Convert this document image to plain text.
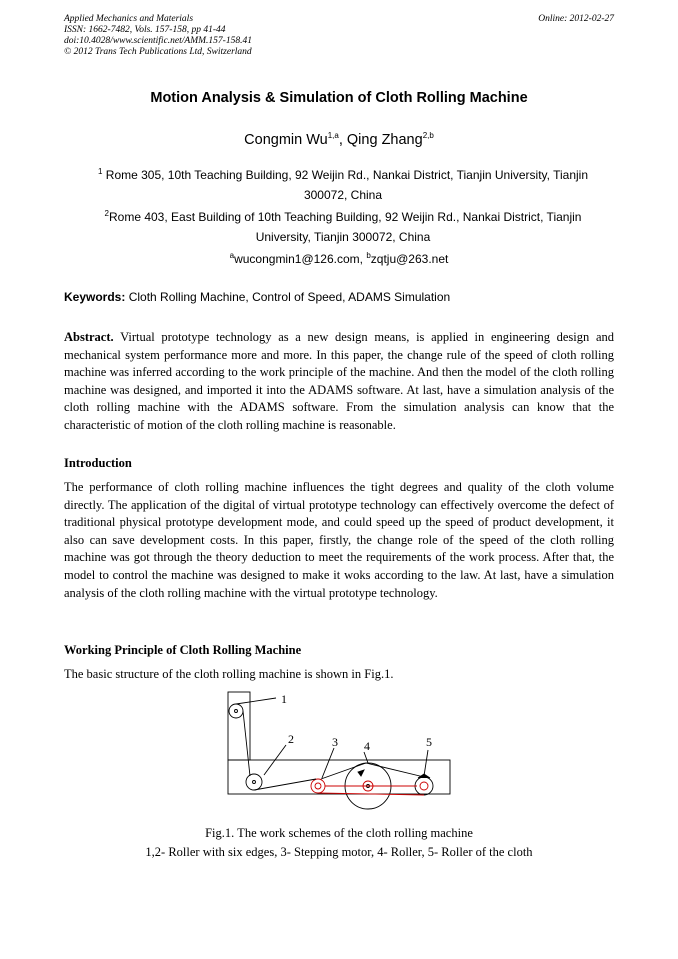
Applied Mechanics and Materials
ISSN: 1662-7482, Vols. 157-158, pp 41-44
doi:10.4028/www.scientific.net/AMM.157-158.41
© 2012 Trans Tech Publications Ltd, Switzerland
Online: 2012-02-27
Motion Analysis & Simulation of Cloth Rolling Machine
Congmin Wu$^{1,a}$, Qing Zhang$^{2,b}$
$^1$ Rome 305, 10th Teaching Building, 92 Weijin Rd., Nankai District, Tianjin University, Tianjin 300072, China
$^2$Rome 403, East Building of 10th Teaching Building, 92 Weijin Rd., Nankai District, Tianjin University, Tianjin 300072, China
$^a$wucongmin1@126.com, $^b$zqtju@263.net
Keywords: Cloth Rolling Machine, Control of Speed, ADAMS Simulation
Abstract. Virtual prototype technology as a new design means, is applied in engineering design and mechanical system performance more and more. In this paper, the change rule of the speed of cloth rolling machine was inferred according to the work principle of the machine. And then the model of the cloth rolling machine was designed, and imported it into the ADAMS software. At last, have a simulation analysis of the cloth rolling machine with the ADAMS software. From the simulation analysis can know that the characteristic of motion of the cloth rolling machine is reasonable.
Introduction
The performance of cloth rolling machine influences the tight degrees and quality of the cloth volume directly. The application of the digital of virtual prototype technology can effectively overcome the defect of traditional physical prototype development mode, and could speed up the speed of product development, it also can save development costs. In this paper, firstly, the change role of the speed of the cloth rolling machine was got through the theory deduction to meet the requirements of the work process. After that, the model to control the machine was designed to make it woks according to the law. At last, have a simulation analysis of the cloth rolling machine with the virtual prototype technology.
Working Principle of Cloth Rolling Machine
The basic structure of the cloth rolling machine is shown in Fig.1.
1
2	3 4	5
Fig.1. The work schemes of the cloth rolling machine
1,2- Roller with six edges, 3- Stepping motor, 4- Roller, 5- Roller of the cloth
